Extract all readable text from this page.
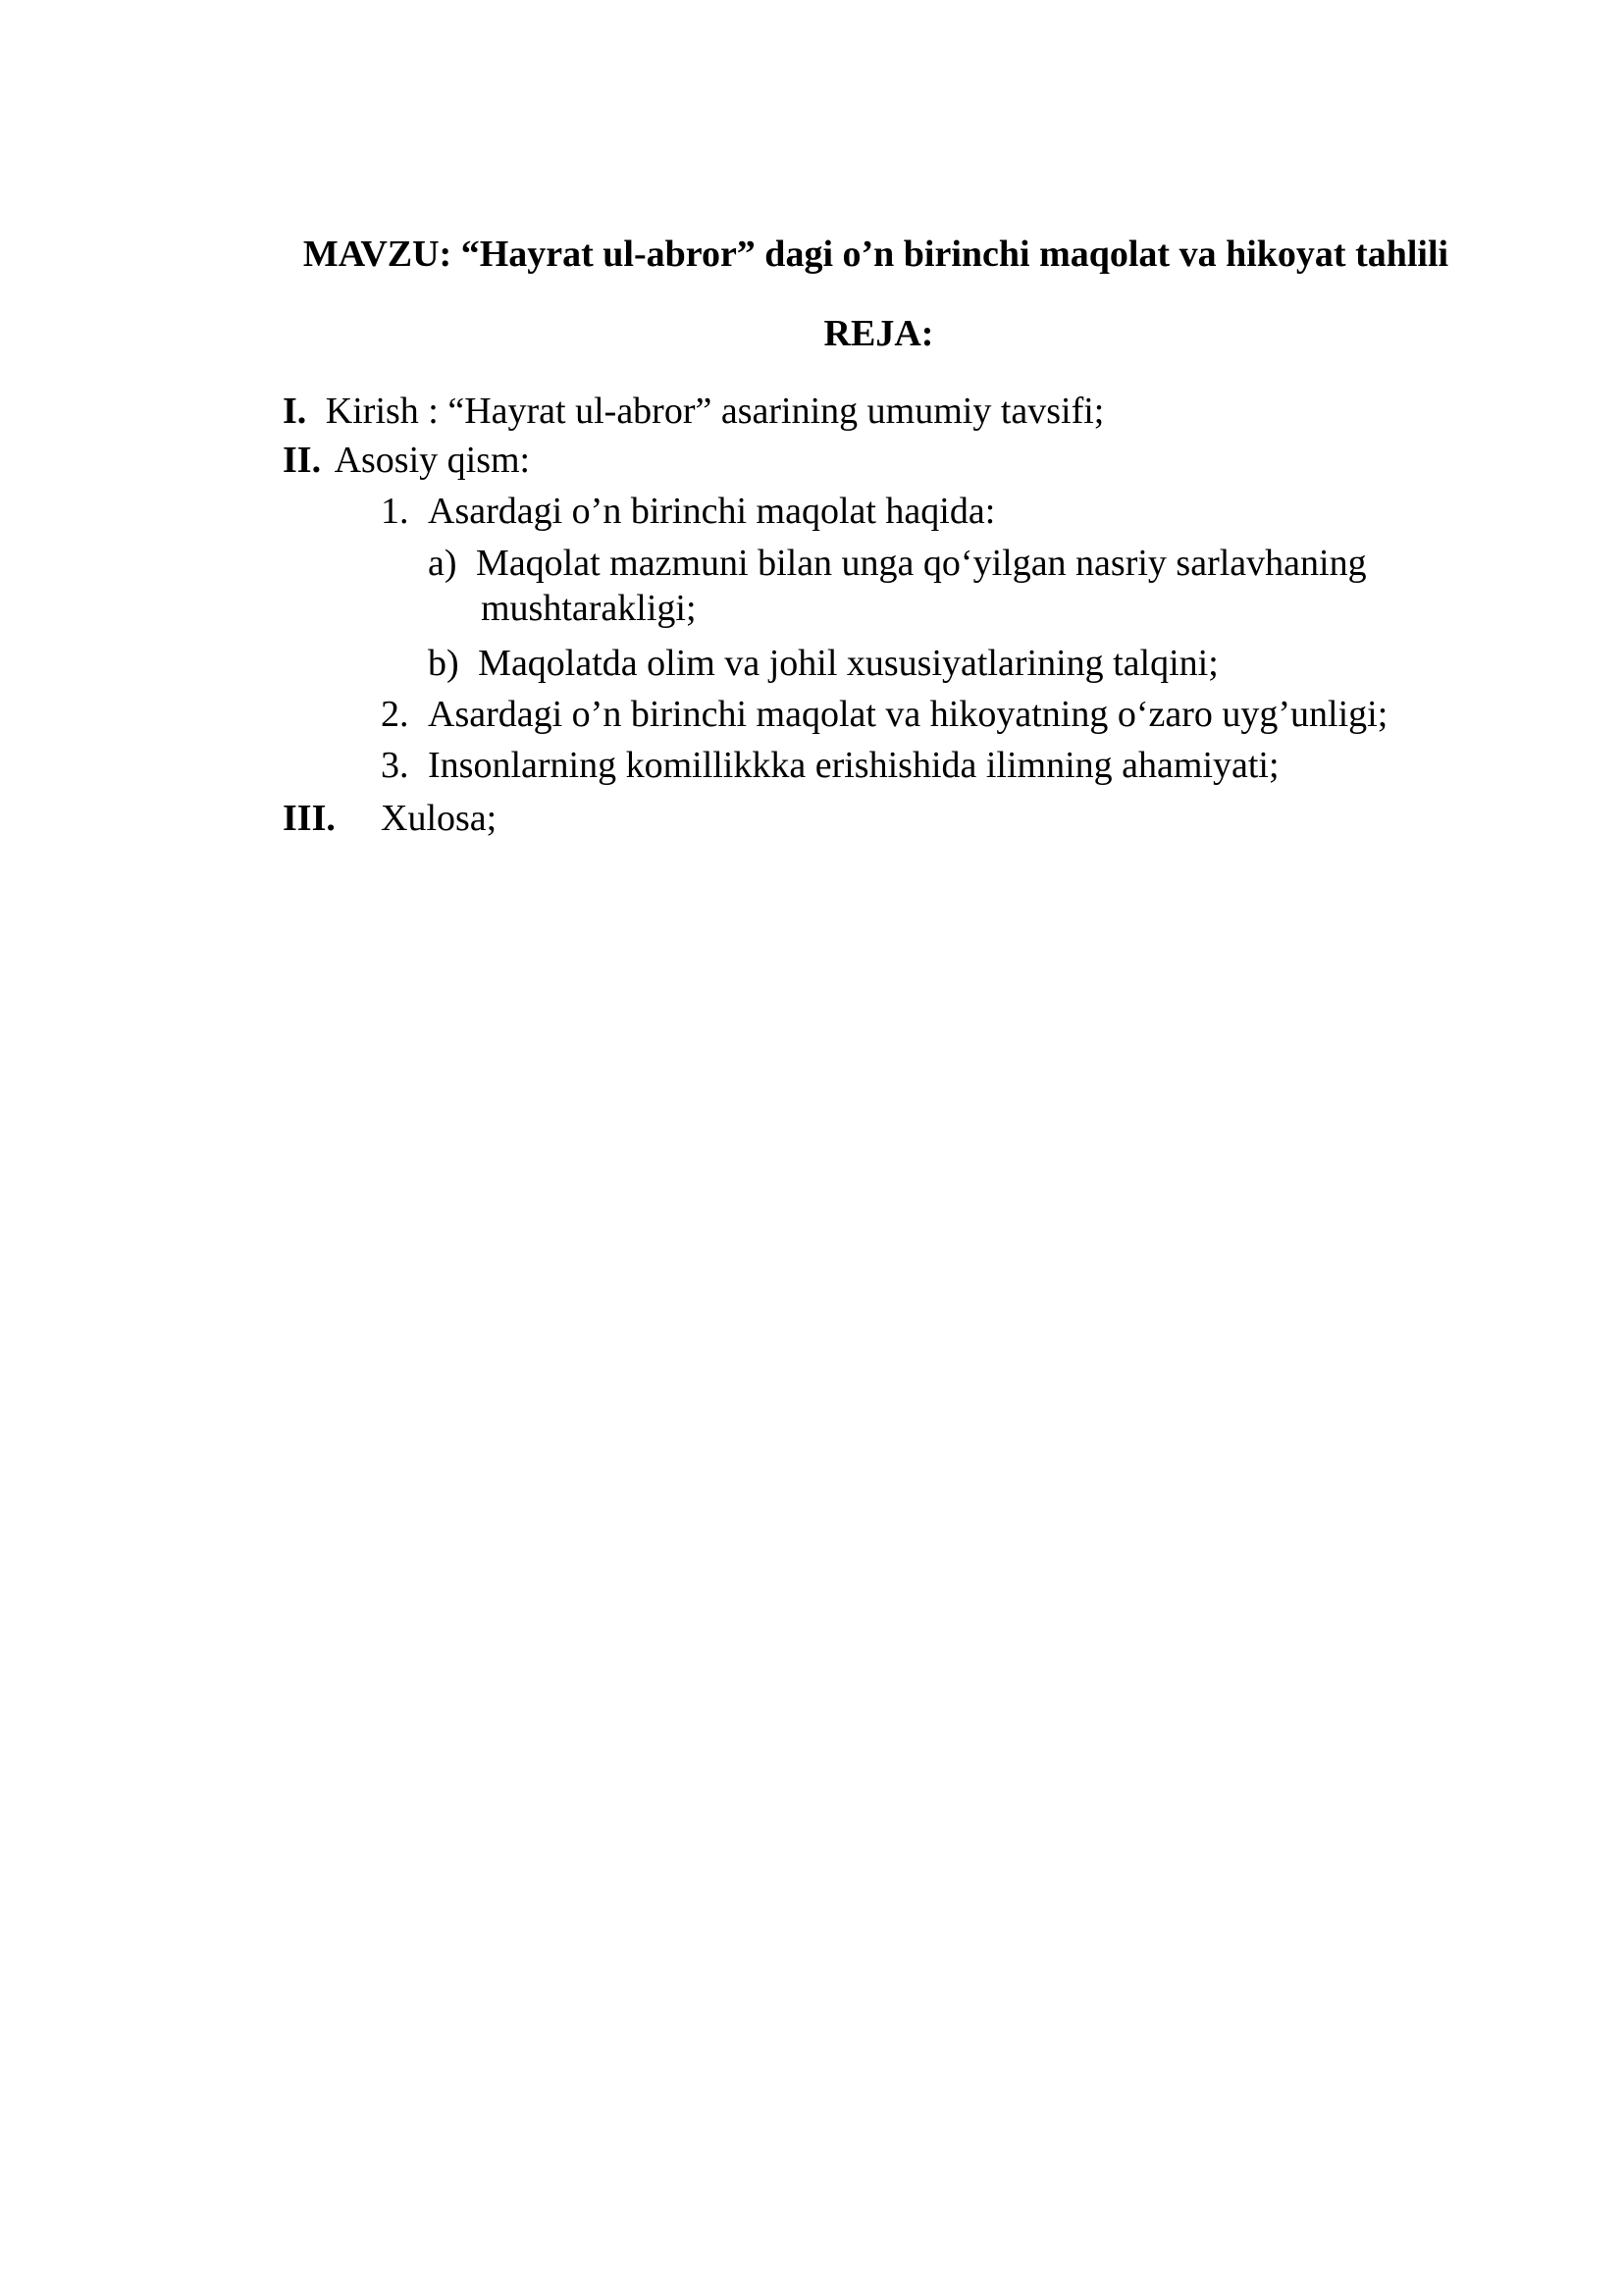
MAVZU: “Hayrat ul-abror” dagi o’n birinchi maqolat va hikoyat tahlili
REJA:
I. Kirish : “Hayrat ul-abror” asarining umumiy tavsifi;
II. Asosiy qism:
1. Asardagi o’n birinchi maqolat haqida:
a) Maqolat mazmuni bilan unga qo‘yilgan nasriy sarlavhaning
mushtarakligi;
b) Maqolatda olim va johil xususiyatlarining talqini;
2. Asardagi o’n birinchi maqolat va hikoyatning o‘zaro uyg’unligi;
3. Insonlarning komillikkka erishishida ilimning ahamiyati;
III. Xulosa;
